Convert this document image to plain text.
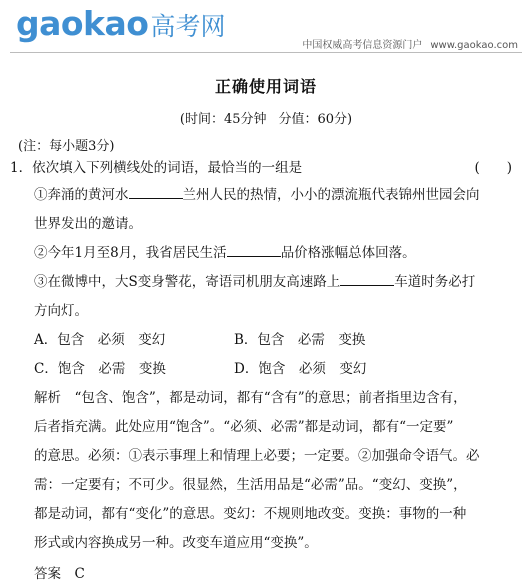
gaokao高考网
中国权威高考信息资源门户 www.gaokao.com
正确使用词语
(时间：45分钟 分值：60分)
(注：每小题3分)
1．依次填入下列横线处的词语，最恰当的一组是	(　　)
①奔涌的黄河水	兰州人民的热情，小小的漂流瓶代表锦州世园会向
世界发出的邀请。
②今年1月至8月，我省居民生活	品价格涨幅总体回落。
③在微博中，大S变身警花，寄语司机朋友高速路上	车道时务必打
方向灯。
A．包含　必须　变幻	B．包含　必需　变换
C．饱含　必需　变换	D．饱含　必须　变幻
解析　“包含、饱含”，都是动词，都有“含有”的意思；前者指里边含有，
后者指充满。此处应用“饱含”。“必须、必需”都是动词，都有“一定要”
的意思。必须：①表示事理上和情理上必要；一定要。②加强命令语气。必
需：一定要有；不可少。很显然，生活用品是“必需”品。“变幻、变换”，
都是动词，都有“变化”的意思。变幻：不规则地改变。变换：事物的一种
形式或内容换成另一种。改变车道应用“变换”。
答案　C
